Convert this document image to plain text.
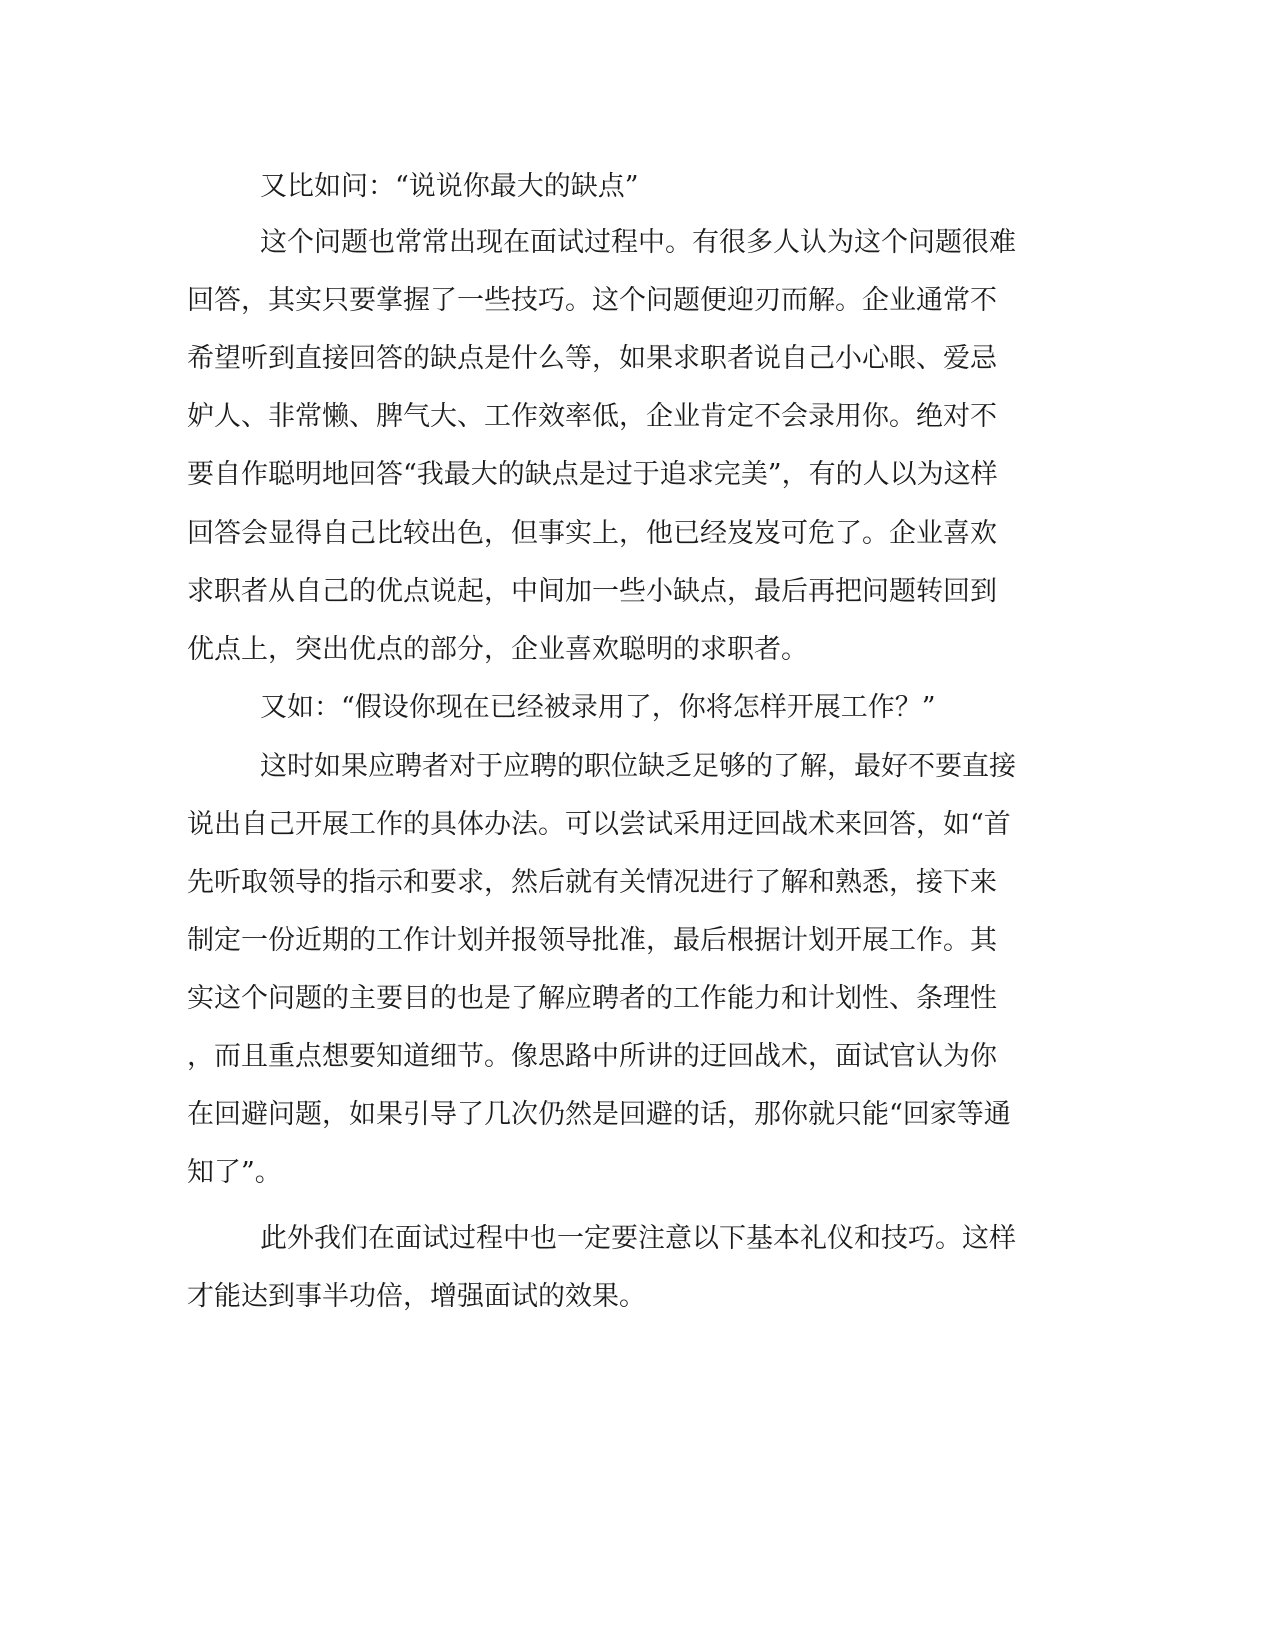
又比如问：“说说你最大的缺点”
这个问题也常常出现在面试过程中。有很多人认为这个问题很难
回答，其实只要掌握了一些技巧。这个问题便迎刃而解。企业通常不
希望听到直接回答的缺点是什么等，如果求职者说自己小心眼、爱忌
妒人、非常懒、脾气大、工作效率低，企业肯定不会录用你。绝对不
要自作聪明地回答“我最大的缺点是过于追求完美”，有的人以为这样
回答会显得自己比较出色，但事实上，他已经岌岌可危了。企业喜欢
求职者从自己的优点说起，中间加一些小缺点，最后再把问题转回到
优点上，突出优点的部分，企业喜欢聪明的求职者。
又如：“假设你现在已经被录用了，你将怎样开展工作？”
这时如果应聘者对于应聘的职位缺乏足够的了解，最好不要直接
说出自己开展工作的具体办法。可以尝试采用迂回战术来回答，如“首
先听取领导的指示和要求，然后就有关情况进行了解和熟悉，接下来
制定一份近期的工作计划并报领导批准，最后根据计划开展工作。其
实这个问题的主要目的也是了解应聘者的工作能力和计划性、条理性
，而且重点想要知道细节。像思路中所讲的迂回战术，面试官认为你
在回避问题，如果引导了几次仍然是回避的话，那你就只能“回家等通
知了”。
此外我们在面试过程中也一定要注意以下基本礼仪和技巧。这样
才能达到事半功倍，增强面试的效果。
